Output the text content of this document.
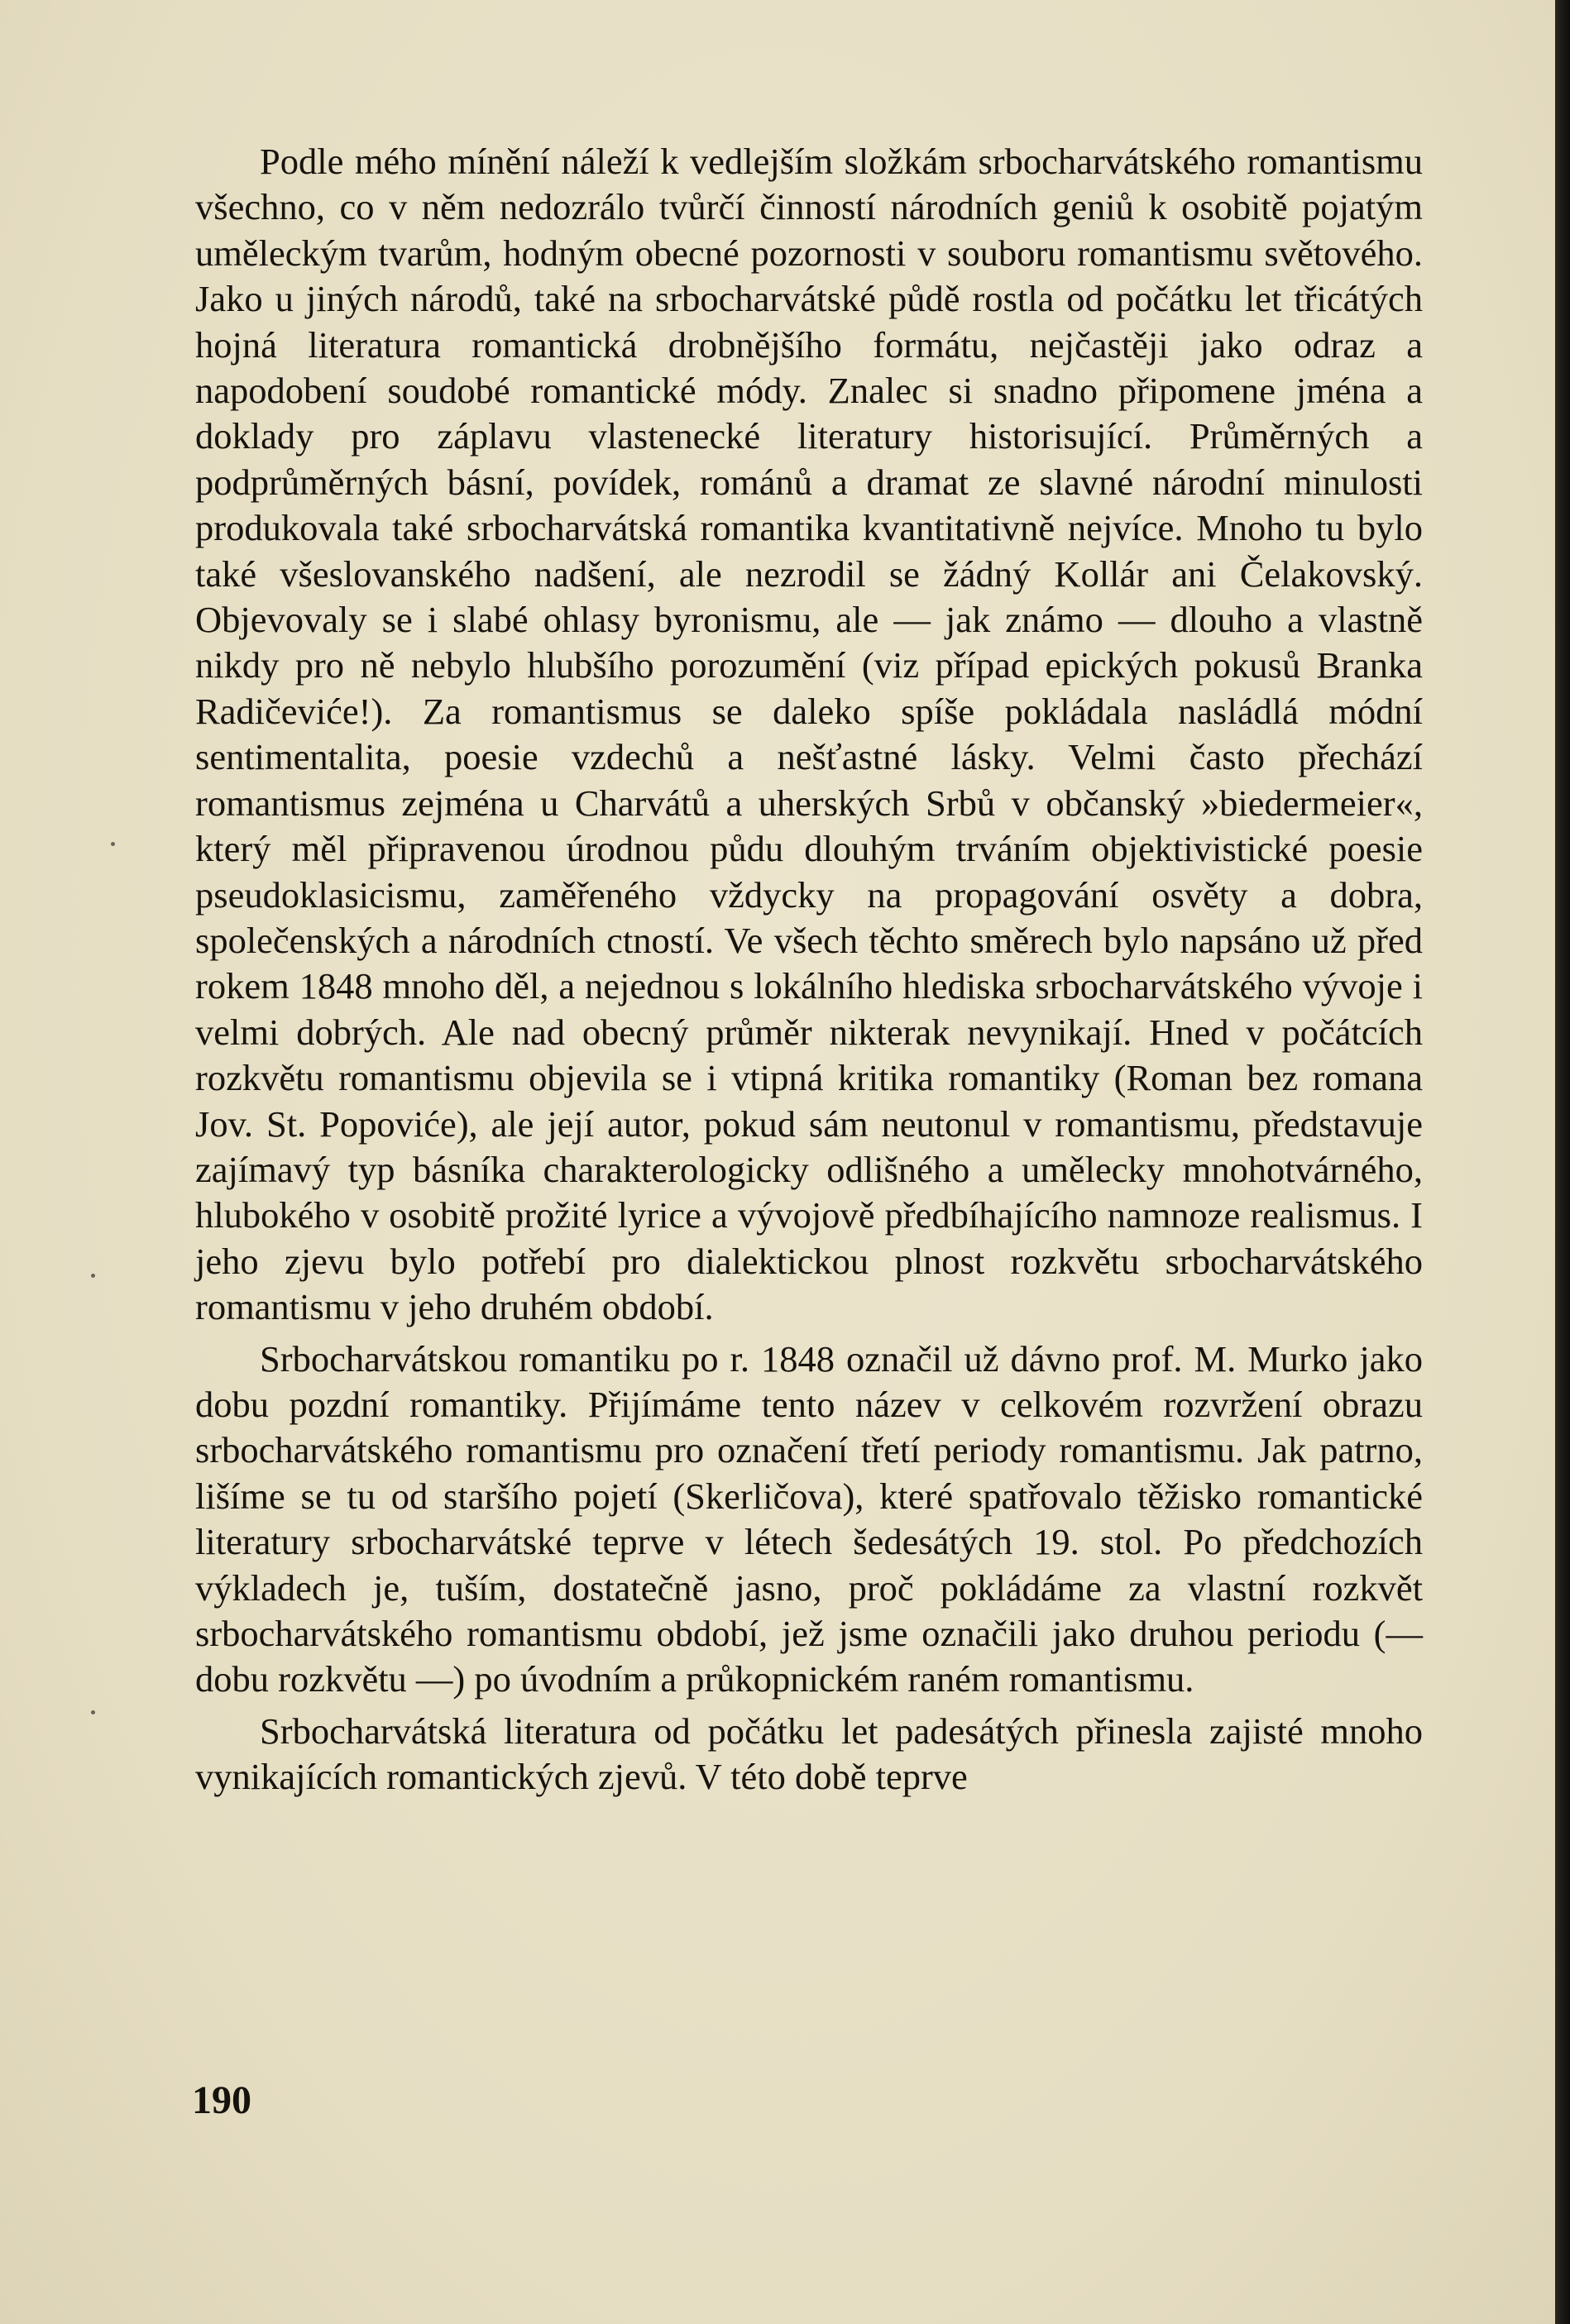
Podle mého mínění náleží k vedlejším složkám srbocharvátského romantismu všechno, co v něm nedozrálo tvůrčí činností národních geniů k osobitě pojatým uměleckým tvarům, hodným obecné pozornosti v souboru romantismu světového. Jako u jiných národů, také na srbocharvátské půdě rostla od počátku let třicátých hojná literatura romantická drobnějšího formátu, nejčastěji jako odraz a napodobení soudobé romantické módy. Znalec si snadno připomene jména a doklady pro záplavu vlastenecké literatury historisující. Průměrných a podprůměrných básní, povídek, románů a dramat ze slavné národní minulosti produkovala také srbocharvátská romantika kvantitativně nejvíce. Mnoho tu bylo také všeslovanského nadšení, ale nezrodil se žádný Kollár ani Čelakovský. Objevovaly se i slabé ohlasy byronismu, ale — jak známo — dlouho a vlastně nikdy pro ně nebylo hlubšího porozumění (viz případ epických pokusů Branka Radičeviće!). Za romantismus se daleko spíše pokládala nasládlá módní sentimentalita, poesie vzdechů a nešťastné lásky. Velmi často přechází romantismus zejména u Charvátů a uherských Srbů v občanský »biedermeier«, který měl připravenou úrodnou půdu dlouhým trváním objektivistické poesie pseudoklasicismu, zaměřeného vždycky na propagování osvěty a dobra, společenských a národních ctností. Ve všech těchto směrech bylo napsáno už před rokem 1848 mnoho děl, a nejednou s lokálního hlediska srbocharvátského vývoje i velmi dobrých. Ale nad obecný průměr nikterak nevynikají. Hned v počátcích rozkvětu romantismu objevila se i vtipná kritika romantiky (Roman bez romana Jov. St. Popoviće), ale její autor, pokud sám neutonul v romantismu, představuje zajímavý typ básníka charakterologicky odlišného a umělecky mnohotvárného, hlubokého v osobitě prožité lyrice a vývojově předbíhajícího namnoze realismus. I jeho zjevu bylo potřebí pro dialektickou plnost rozkvětu srbocharvátského romantismu v jeho druhém období.

Srbocharvátskou romantiku po r. 1848 označil už dávno prof. M. Murko jako dobu pozdní romantiky. Přijímáme tento název v celkovém rozvržení obrazu srbocharvátského romantismu pro označení třetí periody romantismu. Jak patrno, lišíme se tu od staršího pojetí (Skerličova), které spatřovalo těžisko romantické literatury srbocharvátské teprve v létech šedesátých 19. stol. Po předchozích výkladech je, tuším, dostatečně jasno, proč pokládáme za vlastní rozkvět srbocharvátského romantismu období, jež jsme označili jako druhou periodu (— dobu rozkvětu —) po úvodním a průkopnickém raném romantismu.

Srbocharvátská literatura od počátku let padesátých přinesla zajisté mnoho vynikajících romantických zjevů. V této době teprve

190
